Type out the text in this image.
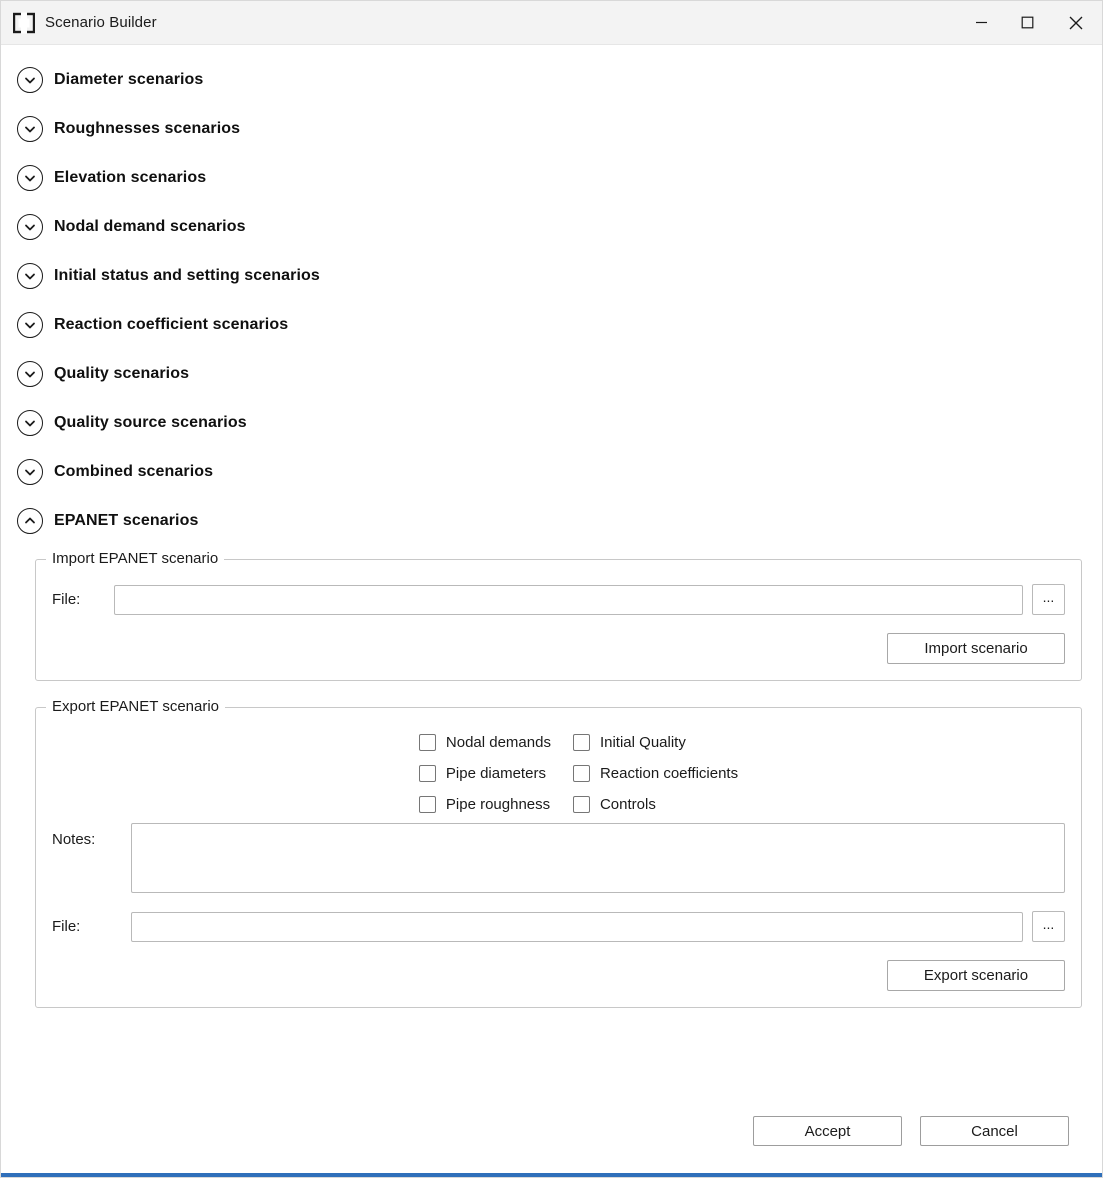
Scenario Builder
Diameter scenarios
Roughnesses scenarios
Elevation scenarios
Nodal demand scenarios
Initial status and setting scenarios
Reaction coefficient scenarios
Quality scenarios
Quality source scenarios
Combined scenarios
EPANET scenarios
Import EPANET scenario
File:	...
Import scenario
Export EPANET scenario
Nodal demands	Initial Quality
Pipe diameters	Reaction coefficients
Pipe roughness	Controls
Notes:
File:	...
Export scenario
Accept	Cancel
